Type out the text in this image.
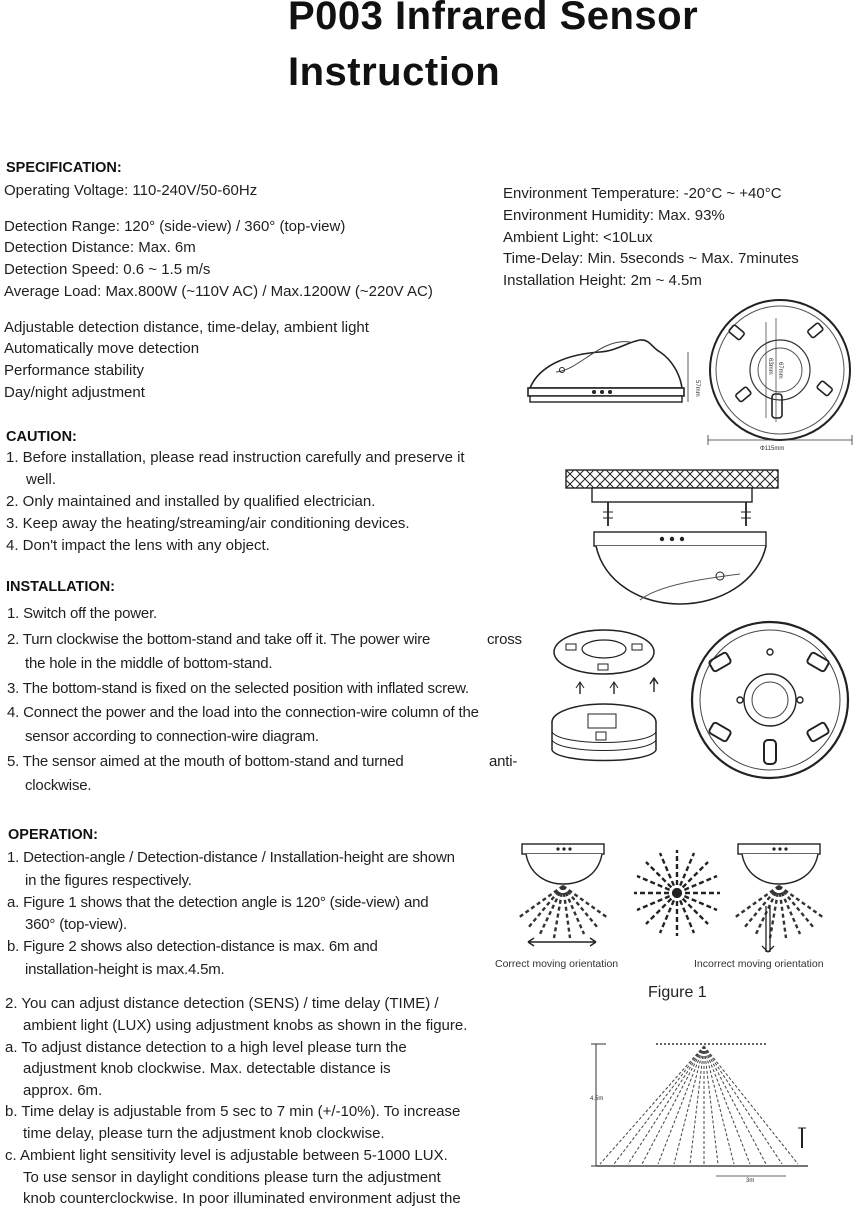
P003 Infrared Sensor
Instruction
SPECIFICATION:
Operating Voltage: 110-240V/50-60Hz
Detection Range: 120° (side-view) / 360° (top-view)
Detection Distance: Max. 6m
Detection Speed: 0.6 ~ 1.5 m/s
Average Load: Max.800W (~110V AC) / Max.1200W (~220V AC)
Environment Temperature: -20°C ~ +40°C
Environment Humidity: Max. 93%
Ambient Light: <10Lux
Time-Delay: Min. 5seconds ~ Max. 7minutes
Installation Height: 2m ~ 4.5m
Adjustable detection distance, time-delay, ambient light
Automatically move detection
Performance stability
Day/night adjustment	57mm
63mm 67mm
Φ115mm
CAUTION:
1. Before installation, please read instruction carefully and preserve it
well.
2. Only maintained and installed by qualified electrician.
3. Keep away the heating/streaming/air conditioning devices.
4. Don't impact the lens with any object.
INSTALLATION:
1. Switch off the power.
2. Turn clockwise the bottom-stand and take off it. The power wire	cross
the hole in the middle of bottom-stand.
3. The bottom-stand is fixed on the selected position with inflated screw.
4. Connect the power and the load into the connection-wire column of the
sensor according to connection-wire diagram.
5. The sensor aimed at the mouth of bottom-stand and turned	anti-
clockwise.
OPERATION:
1. Detection-angle / Detection-distance / Installation-height are shown
in the figures respectively.
a. Figure 1 shows that the detection angle is 120° (side-view) and
360° (top-view).
b. Figure 2 shows also detection-distance is max. 6m and
installation-height is max.4.5m.
2. You can adjust distance detection (SENS) / time delay (TIME) /
ambient light (LUX) using adjustment knobs as shown in the figure.
a. To adjust distance detection to a high level please turn the
adjustment knob clockwise. Max. detectable distance is
approx. 6m.
b. Time delay is adjustable from 5 sec to 7 min (+/-10%). To increase
time delay, please turn the adjustment knob clockwise.
c. Ambient light sensitivity level is adjustable between 5-1000 LUX.
To use sensor in daylight conditions please turn the adjustment
knob counterclockwise. In poor illuminated environment adjust the
Correct moving orientation	Incorrect moving orientation
Figure 1
4.5m
3m
